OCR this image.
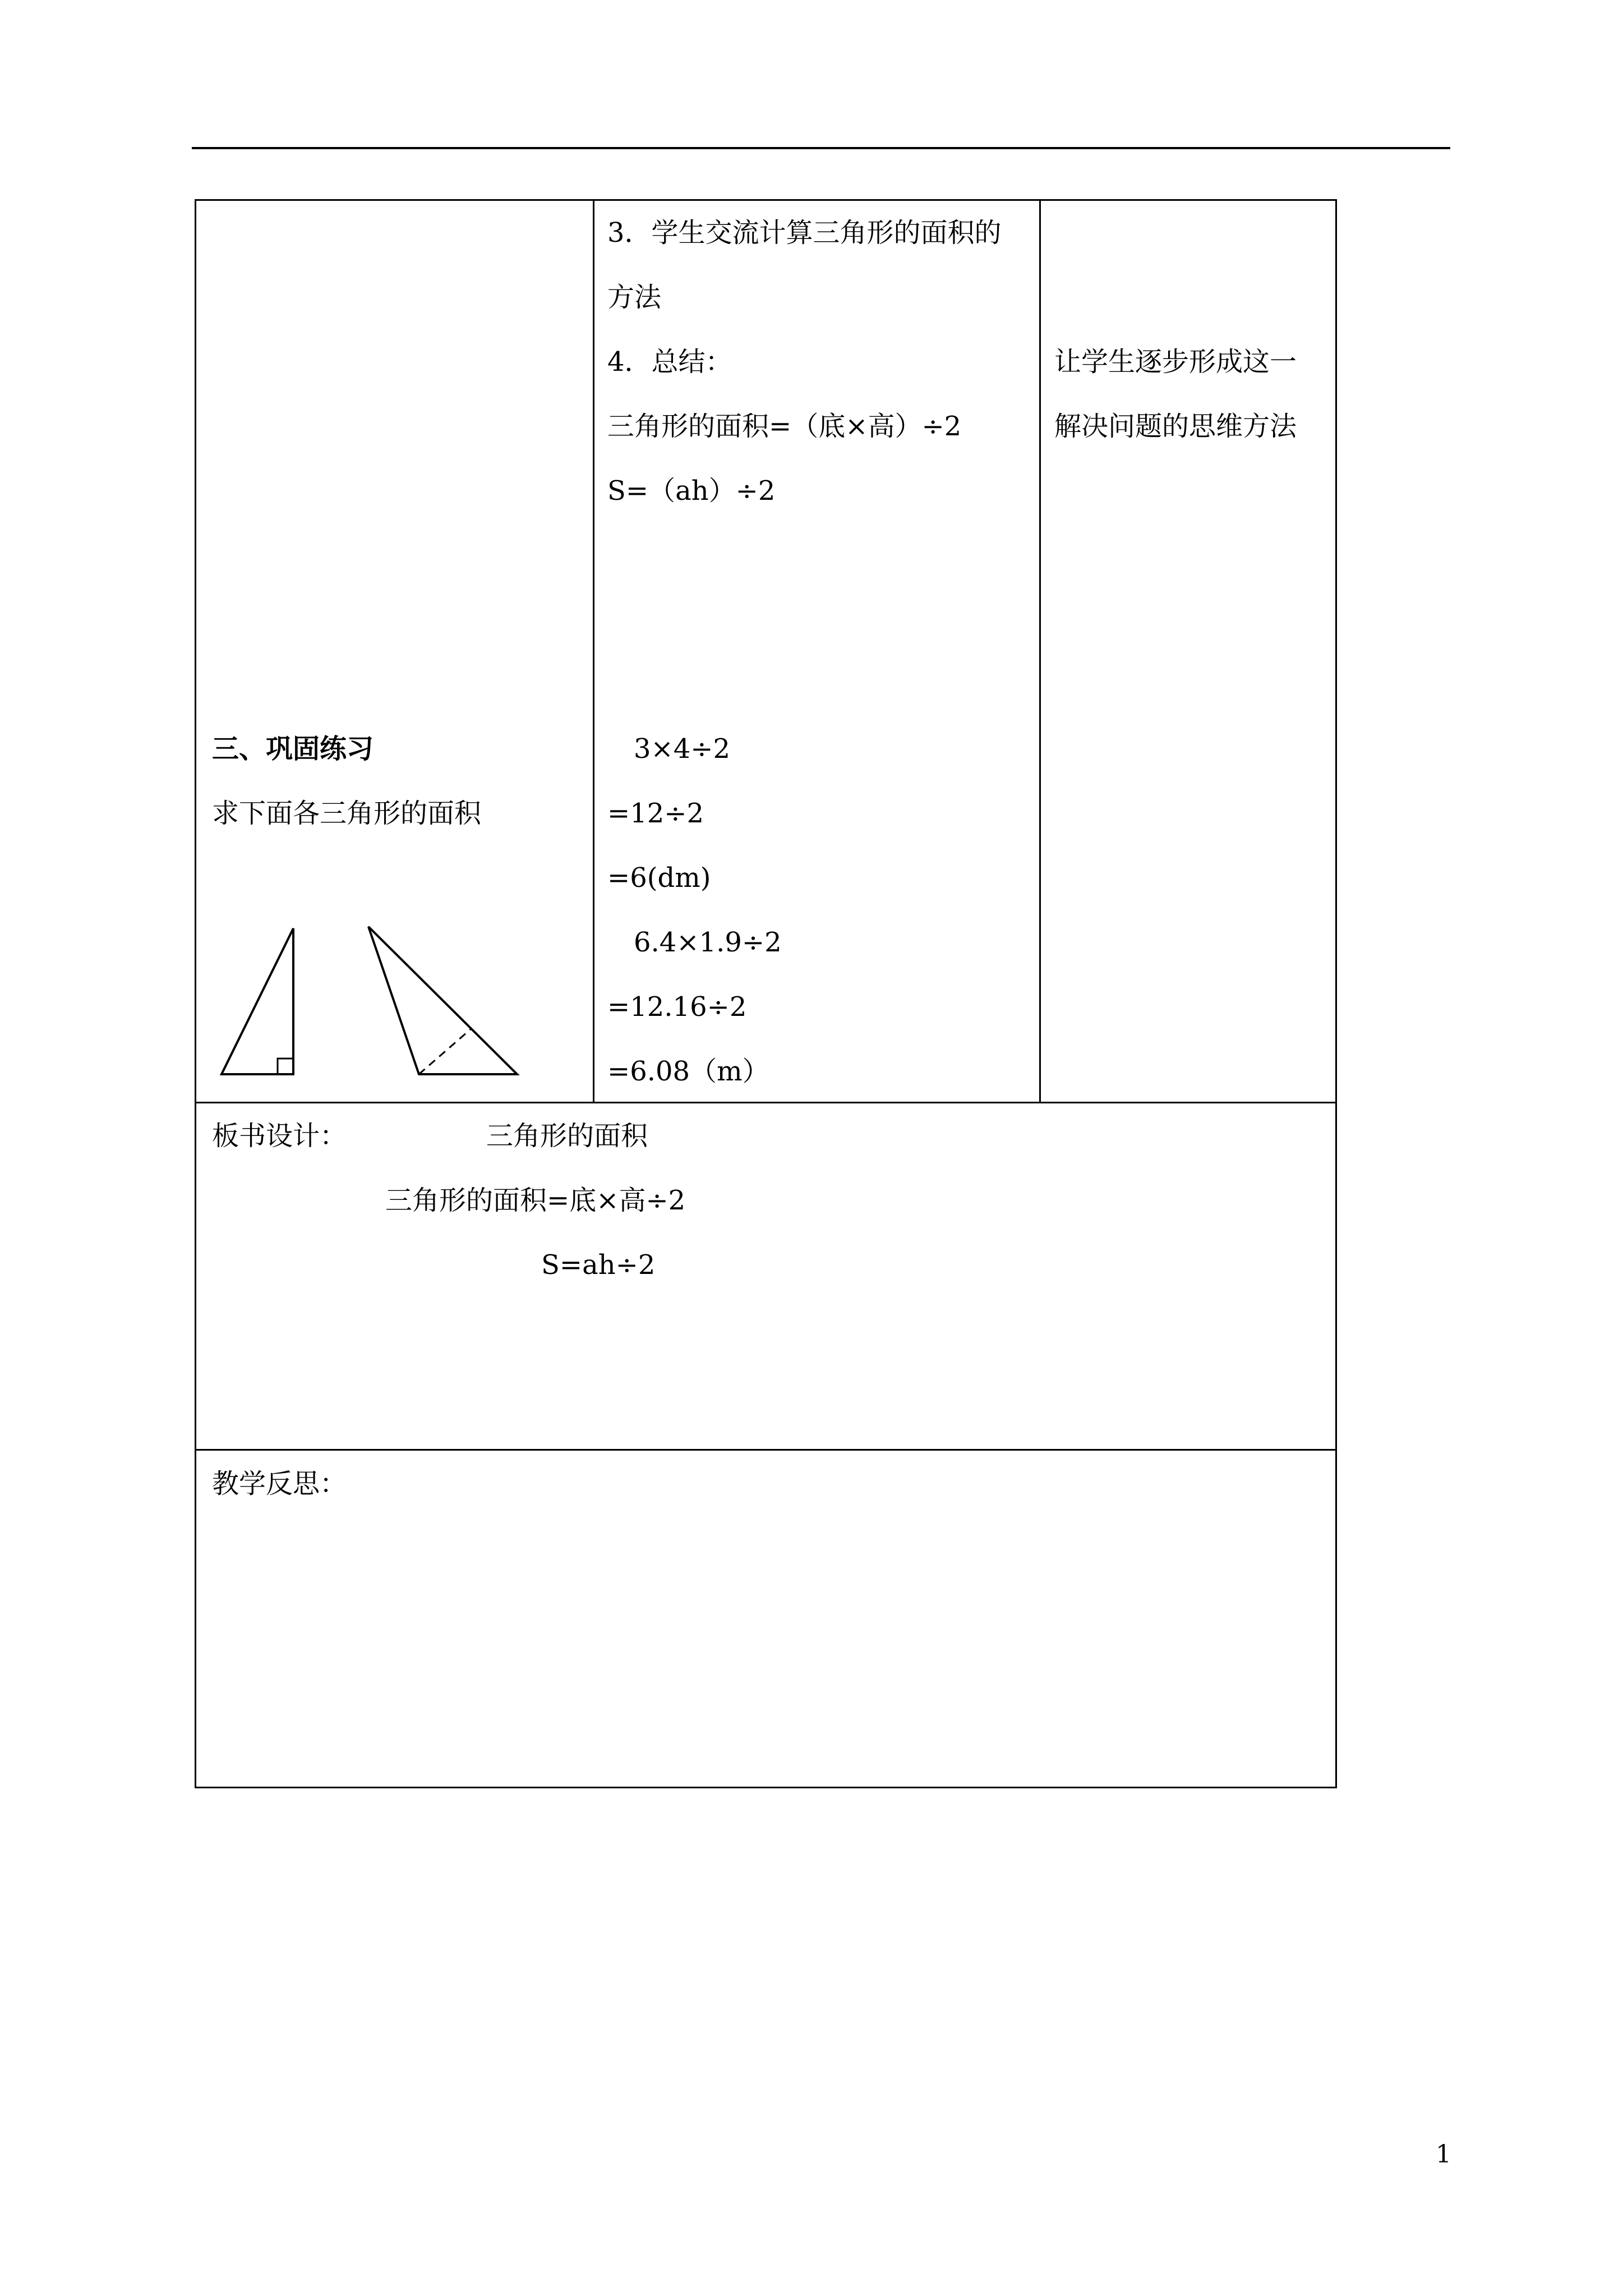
3．学生交流计算三角形的面积的
方法
4．总结：
三角形的面积=（底×高）÷2
S=（ah）÷2
3×4÷2
=12÷2
=6(dm)
6.4×1.9÷2
=12.16÷2
=6.08（m）
让学生逐步形成这一
解决问题的思维方法
三、巩固练习
求下面各三角形的面积
板书设计：	三角形的面积
三角形的面积=底×高÷2
S=ah÷2
教学反思：
1
